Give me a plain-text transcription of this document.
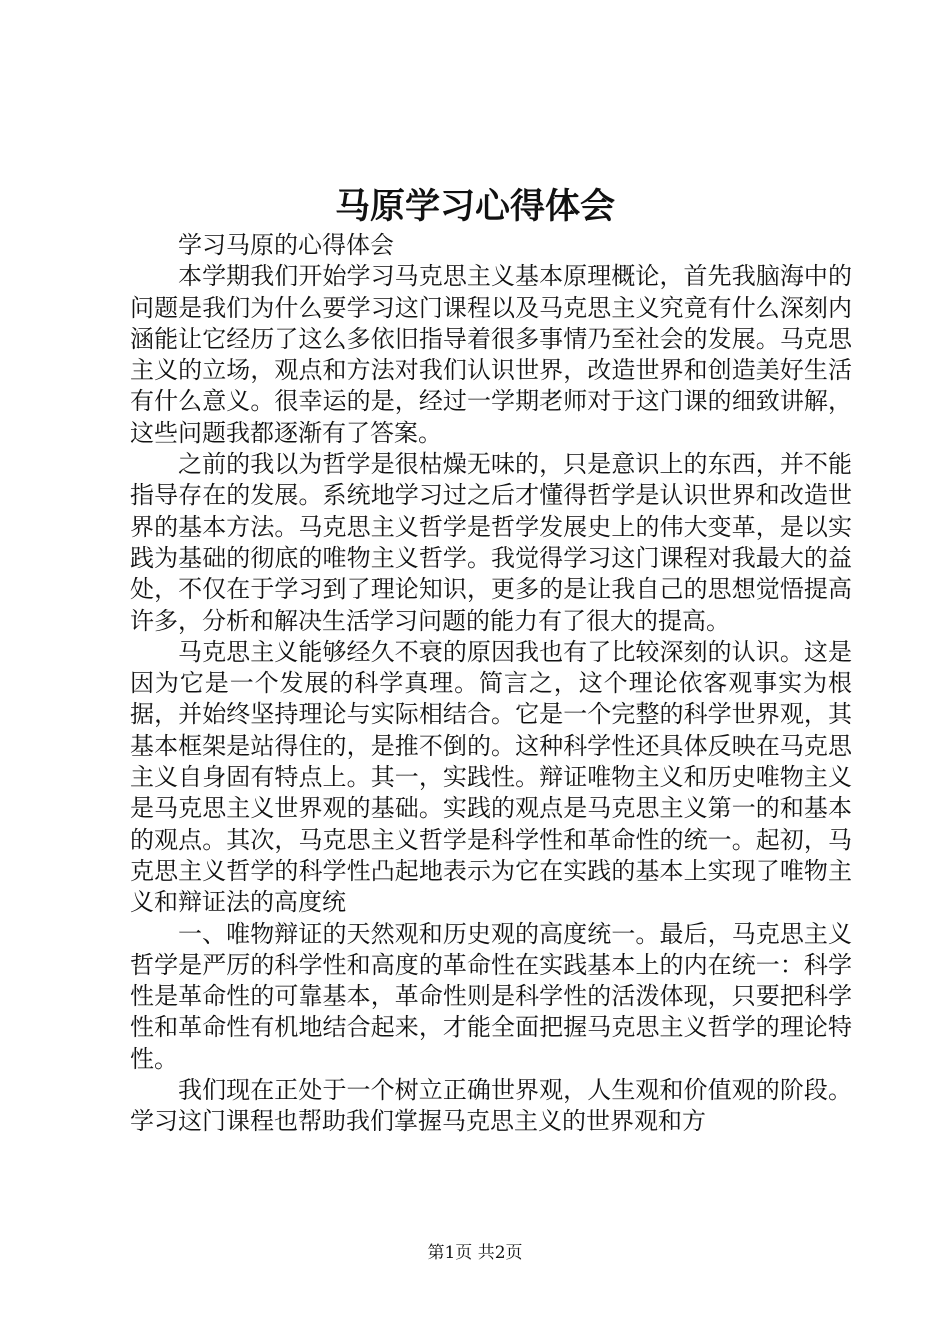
马原学习心得体会

学习马原的心得体会

本学期我们开始学习马克思主义基本原理概论，首先我脑海中的问题是我们为什么要学习这门课程以及马克思主义究竟有什么深刻内涵能让它经历了这么多依旧指导着很多事情乃至社会的发展。马克思主义的立场，观点和方法对我们认识世界，改造世界和创造美好生活有什么意义。很幸运的是，经过一学期老师对于这门课的细致讲解，这些问题我都逐渐有了答案。

之前的我以为哲学是很枯燥无味的，只是意识上的东西，并不能指导存在的发展。系统地学习过之后才懂得哲学是认识世界和改造世界的基本方法。马克思主义哲学是哲学发展史上的伟大变革，是以实践为基础的彻底的唯物主义哲学。我觉得学习这门课程对我最大的益处，不仅在于学习到了理论知识，更多的是让我自己的思想觉悟提高许多，分析和解决生活学习问题的能力有了很大的提高。

马克思主义能够经久不衰的原因我也有了比较深刻的认识。这是因为它是一个发展的科学真理。简言之，这个理论依客观事实为根据，并始终坚持理论与实际相结合。它是一个完整的科学世界观，其基本框架是站得住的，是推不倒的。这种科学性还具体反映在马克思主义自身固有特点上。其一，实践性。辩证唯物主义和历史唯物主义是马克思主义世界观的基础。实践的观点是马克思主义第一的和基本的观点。其次，马克思主义哲学是科学性和革命性的统一。起初，马克思主义哲学的科学性凸起地表示为它在实践的基本上实现了唯物主义和辩证法的高度统

一、唯物辩证的天然观和历史观的高度统一。最后，马克思主义哲学是严厉的科学性和高度的革命性在实践基本上的内在统一：科学性是革命性的可靠基本，革命性则是科学性的活泼体现，只要把科学性和革命性有机地结合起来，才能全面把握马克思主义哲学的理论特性。

我们现在正处于一个树立正确世界观，人生观和价值观的阶段。学习这门课程也帮助我们掌握马克思主义的世界观和方

第1页 共2页
